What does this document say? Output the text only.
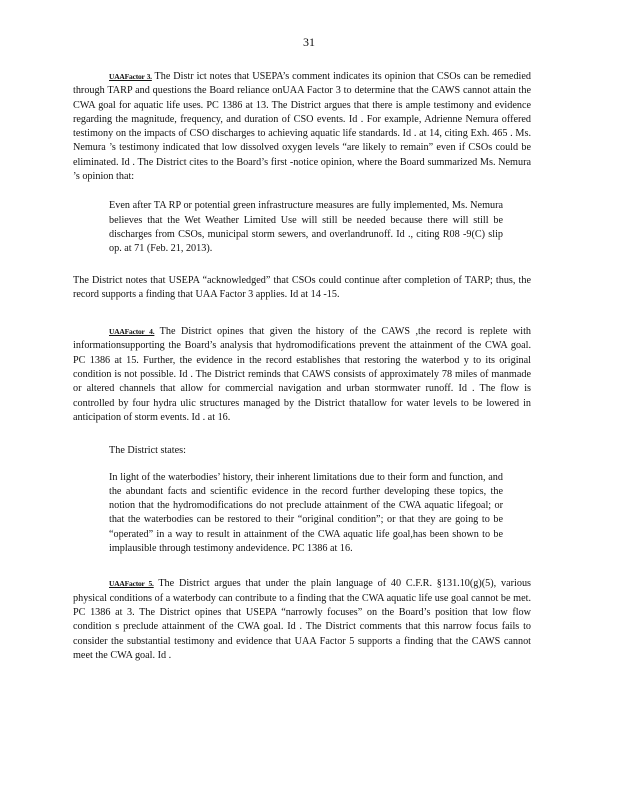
31

UAAFactor 3. The Distr ict notes that USEPA’s comment indicates its opinion that CSOs can be remedied through TARP and questions the Board reliance onUAA Factor 3 to determine that the CAWS cannot attain the CWA goal for aquatic life uses. PC 1386 at 13. The District argues that there is ample testimony and evidence regarding the magnitude, frequency, and duration of CSO events. Id . For example, Adrienne Nemura offered testimony on the impacts of CSO discharges to achieving aquatic life standards. Id . at 14, citing Exh. 465 . Ms. Nemura ’s testimony indicated that low dissolved oxygen levels “are likely to remain” even if CSOs could be eliminated. Id . The District cites to the Board’s first -notice opinion, where the Board summarized Ms. Nemura ’s opinion that:

Even after TA RP or potential green infrastructure measures are fully implemented, Ms. Nemura believes that the Wet Weather Limited Use will still be needed because there will still be discharges from CSOs, municipal storm sewers, and overlandrunoff. Id ., citing R08 -9(C) slip op. at 71 (Feb. 21, 2013).

The District notes that USEPA “acknowledged” that CSOs could continue after completion of TARP; thus, the record supports a finding that UAA Factor 3 applies. Id at 14 -15.

UAAFactor 4. The District opines that given the history of the CAWS ,the record is replete with informationsupporting the Board’s analysis that hydromodifications prevent the attainment of the CWA goal. PC 1386 at 15. Further, the evidence in the record establishes that restoring the waterbod y to its original condition is not possible. Id . The District reminds that CAWS consists of approximately 78 miles of manmade or altered channels that allow for commercial navigation and urban stormwater runoff. Id . The flow is controlled by four hydra ulic structures managed by the District thatallow for water levels to be lowered in anticipation of storm events. Id . at 16.

The District states:

In light of the waterbodies’ history, their inherent limitations due to their form and function, and the abundant facts and scientific evidence in the record further developing these topics, the notion that the hydromodifications do not preclude attainment of the CWA aquatic lifegoal; or that the waterbodies can be restored to their “original condition”; or that they are going to be “operated” in a way to result in attainment of the CWA aquatic life goal,has been shown to be implausible through testimony andevidence. PC 1386 at 16.

UAAFactor 5. The District argues that under the plain language of 40 C.F.R. §131.10(g)(5), various physical conditions of a waterbody can contribute to a finding that the CWA aquatic life use goal cannot be met. PC 1386 at 3. The District opines that USEPA “narrowly focuses” on the Board’s position that low flow condition s preclude attainment of the CWA goal. Id . The District comments that this narrow focus fails to consider the substantial testimony and evidence that UAA Factor 5 supports a finding that the CAWS cannot meet the CWA goal. Id .
